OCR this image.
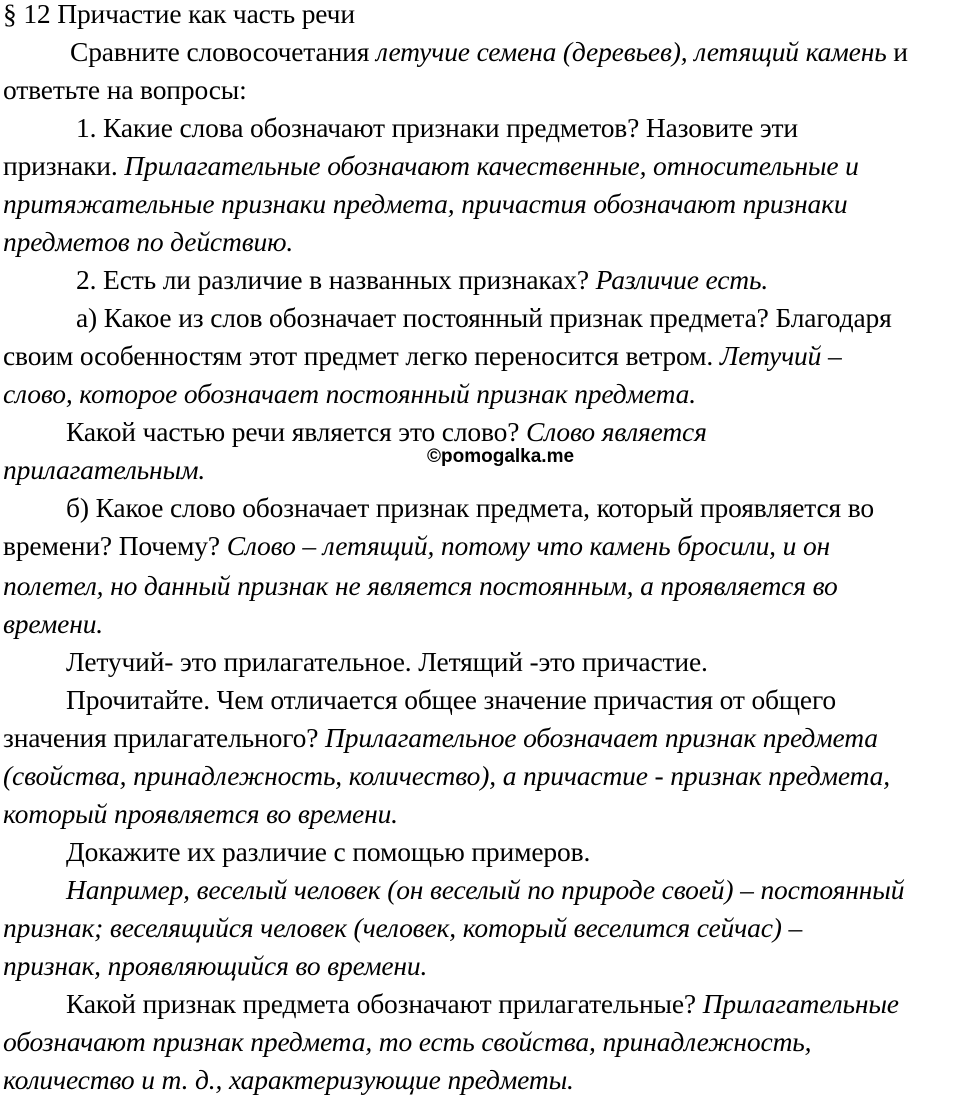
§ 12 Причастие как часть речи
Сравните словосочетания летучие семена (деревьев), летящий камень и
ответьте на вопросы:
1. Какие слова обозначают признаки предметов? Назовите эти
признаки. Прилагательные обозначают качественные, относительные и
притяжательные признаки предмета, причастия обозначают признаки
предметов по действию.
2. Есть ли различие в названных признаках? Различие есть.
а) Какое из слов обозначает постоянный признак предмета? Благодаря
своим особенностям этот предмет легко переносится ветром. Летучий –
слово, которое обозначает постоянный признак предмета.
Какой частью речи является это слово? Слово является
прилагательным.
б) Какое слово обозначает признак предмета, который проявляется во
времени? Почему? Слово – летящий, потому что камень бросили, и он
полетел, но данный признак не является постоянным, а проявляется во
времени.
Летучий- это прилагательное. Летящий -это причастие.
Прочитайте. Чем отличается общее значение причастия от общего
значения прилагательного? Прилагательное обозначает признак предмета
(свойства, принадлежность, количество), а причастие - признак предмета,
который проявляется во времени.
Докажите их различие с помощью примеров.
Например, веселый человек (он веселый по природе своей) – постоянный
признак; веселящийся человек (человек, который веселится сейчас) –
признак, проявляющийся во времени.
Какой признак предмета обозначают прилагательные? Прилагательные
обозначают признак предмета, то есть свойства, принадлежность,
количество и т. д., характеризующие предметы.
©pomogalka.me
